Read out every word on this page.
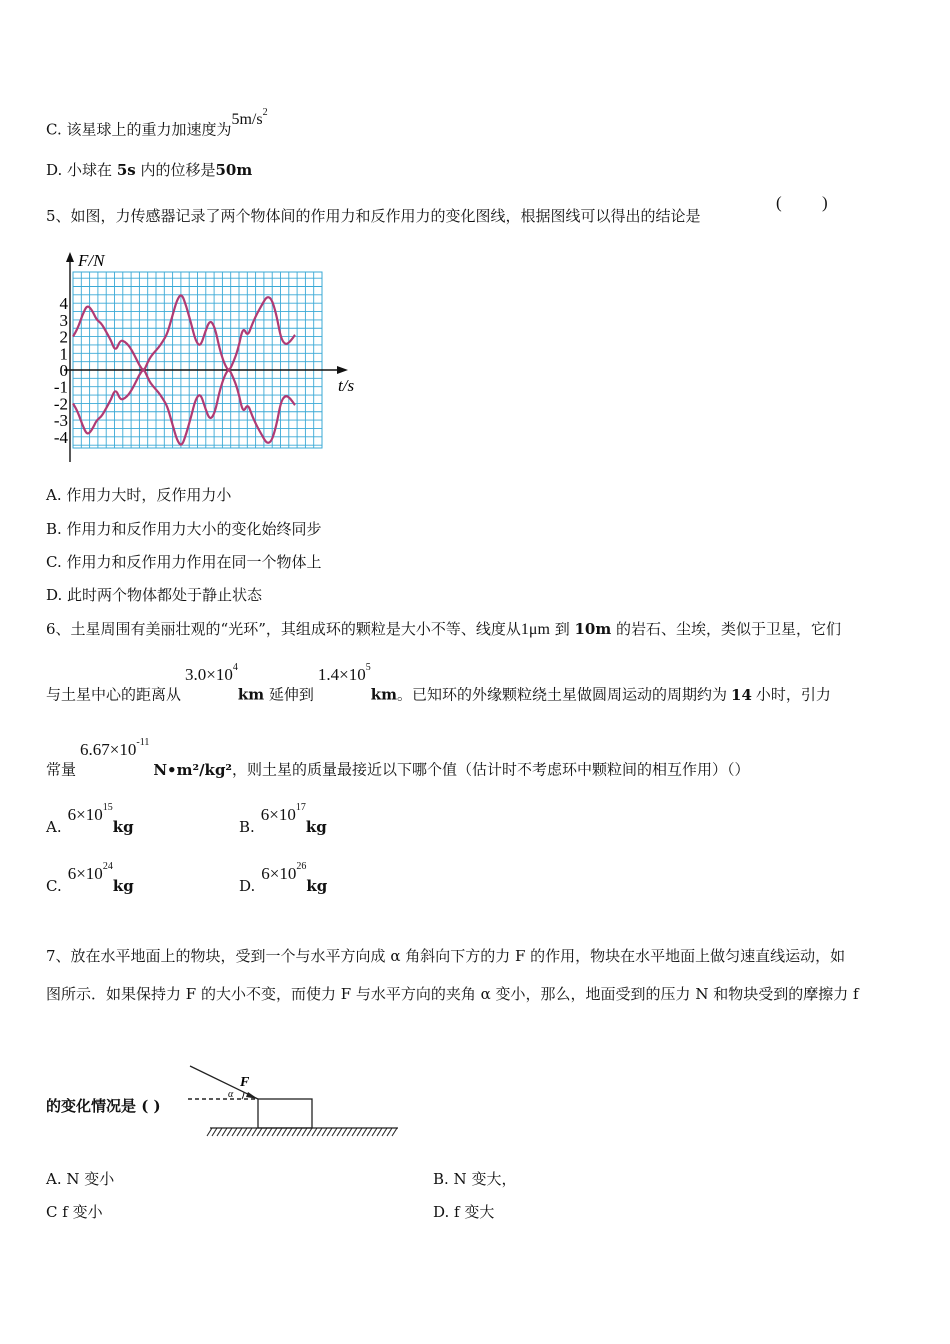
C. 该星球上的重力加速度为$5m/s^2$
D. 小球在 5s 内的位移是50m
5、如图，力传感器记录了两个物体间的作用力和反作用力的变化图线，根据图线可以得出的结论是
( )
4
3
2
1
0
-1
-2
-3
-4
F/N
t/s
A. 作用力大时，反作用力小
B. 作用力和反作用力大小的变化始终同步
C. 作用力和反作用力作用在同一个物体上
D. 此时两个物体都处于静止状态
6、土星周围有美丽壮观的“光环”，其组成环的颗粒是大小不等、线度从1μm 到 10m 的岩石、尘埃，类似于卫星，它们
与土星中心的距离从$3.0\times 10^4km$ 延伸到$1.4\times 10^5km$。已知环的外缘颗粒绕土星做圆周运动的周期约为 14 小时，引力
常量$6.67\times 10^{-11}N•m^2$/kg²，则土星的质量最接近以下哪个值（估计时不考虑环中颗粒间的相互作用）（）
$A.6\times 10^{15}kg$	$B.6\times 10^{17}kg$
$C.6\times 10^{24}kg$	$D.6\times 10^{26}kg$
7、放在水平地面上的物块，受到一个与水平方向成 α 角斜向下方的力 F 的作用，物块在水平地面上做匀速直线运动，如
图所示．如果保持力 F 的大小不变，而使力 F 与水平方向的夹角 α 变小，那么，地面受到的压力 N 和物块受到的摩擦力 f
的变化情况是 ( )
F
α
A. N 变小	B. N 变大，
C f 变小	D. f 变大
